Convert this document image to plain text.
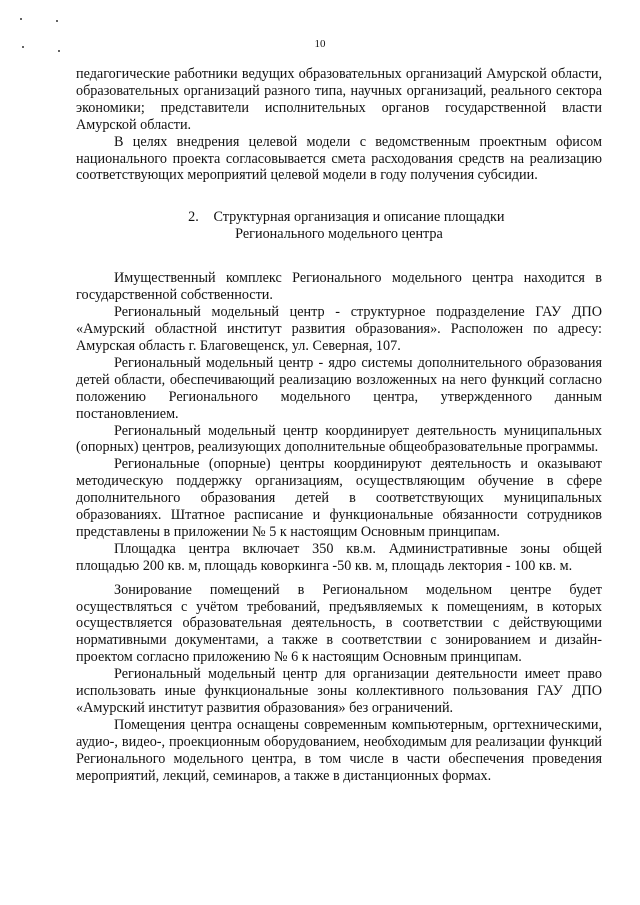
10

педагогические работники ведущих образовательных организаций Амурской области, образовательных организаций разного типа, научных организаций, реального сектора экономики; представители исполнительных органов государственной власти Амурской области.

В целях внедрения целевой модели с ведомственным проектным офисом национального проекта согласовывается смета расходования средств на реализацию соответствующих мероприятий целевой модели в году получения субсидии.

2. Структурная организация и описание площадки
Регионального модельного центра

Имущественный комплекс Регионального модельного центра находится в государственной собственности.

Региональный модельный центр - структурное подразделение ГАУ ДПО «Амурский областной институт развития образования». Расположен по адресу: Амурская область г. Благовещенск, ул. Северная, 107.

Региональный модельный центр - ядро системы дополнительного образования детей области, обеспечивающий реализацию возложенных на него функций согласно положению Регионального модельного центра, утвержденного данным постановлением.

Региональный модельный центр координирует деятельность муниципальных (опорных) центров, реализующих дополнительные общеобразовательные программы.

Региональные (опорные) центры координируют деятельность и оказывают методическую поддержку организациям, осуществляющим обучение в сфере дополнительного образования детей в соответствующих муниципальных образованиях. Штатное расписание и функциональные обязанности сотрудников представлены в приложении № 5 к настоящим Основным принципам.

Площадка центра включает 350 кв.м. Административные зоны общей площадью 200 кв. м, площадь коворкинга -50 кв. м, площадь лектория - 100 кв. м.

Зонирование помещений в Региональном модельном центре будет осуществляться с учётом требований, предъявляемых к помещениям, в которых осуществляется образовательная деятельность, в соответствии с действующими нормативными документами, а также в соответствии с зонированием и дизайн-проектом согласно приложению № 6 к настоящим Основным принципам.

Региональный модельный центр для организации деятельности имеет право использовать иные функциональные зоны коллективного пользования ГАУ ДПО «Амурский институт развития образования» без ограничений.

Помещения центра оснащены современным компьютерным, оргтехническими, аудио-, видео-, проекционным оборудованием, необходимым для реализации функций Регионального модельного центра, в том числе в части обеспечения проведения мероприятий, лекций, семинаров, а также в дистанционных формах.
